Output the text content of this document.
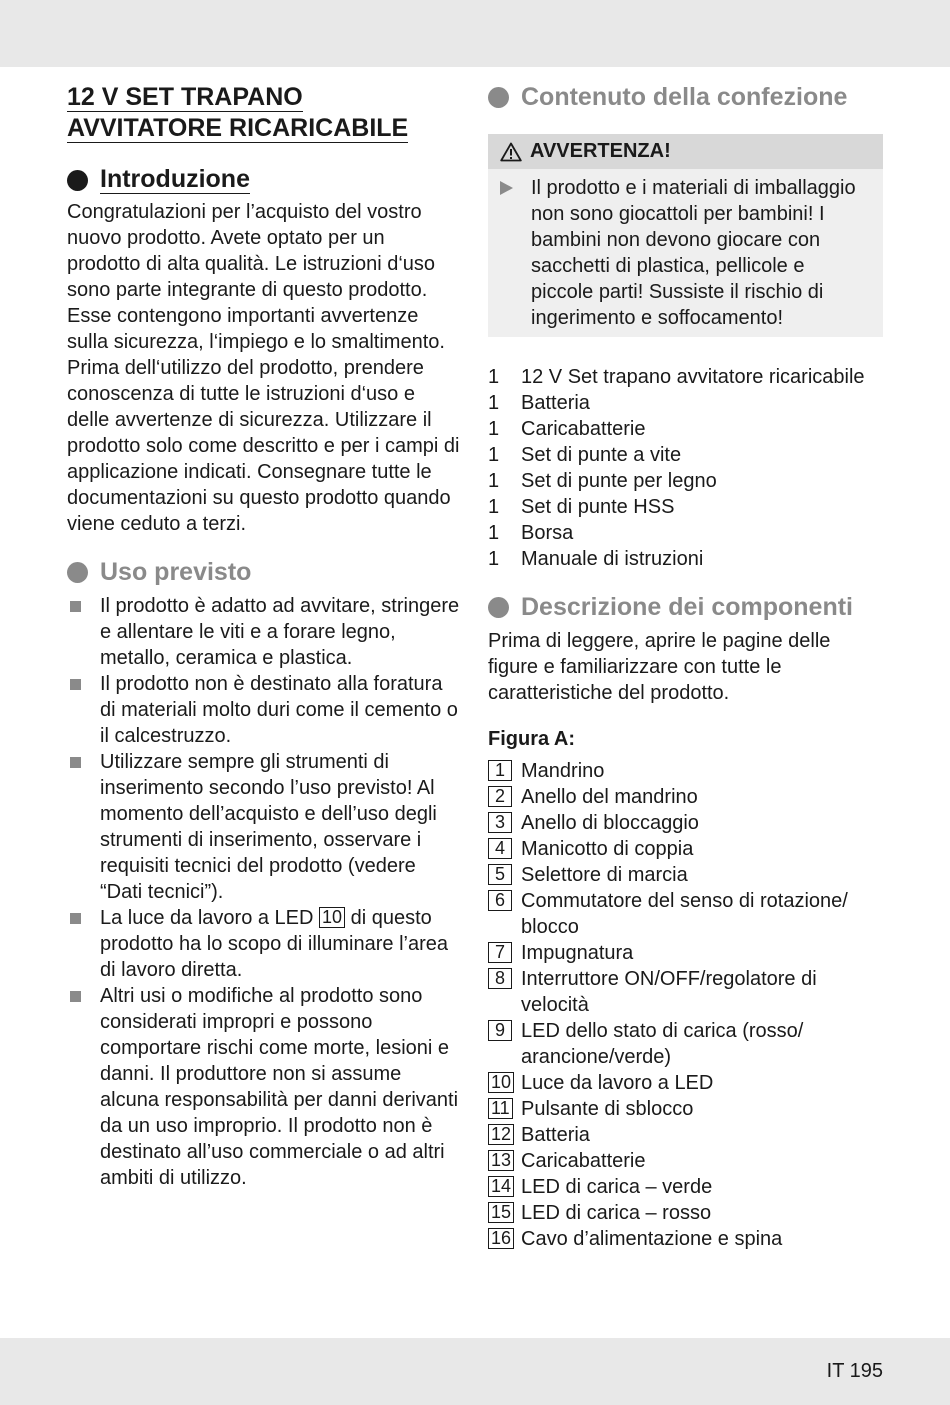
12 V SET TRAPANO
AVVITATORE RICARICABILE
Introduzione

Congratulazioni per l’acquisto del vostro nuovo prodotto. Avete optato per un prodotto di alta qualità. Le istruzioni d‘uso sono parte integrante di questo prodotto. Esse contengono importanti avvertenze sulla sicurezza, l‘impiego e lo smaltimento. Prima dell‘utilizzo del prodotto, prendere conoscenza di tutte le istruzioni d‘uso e delle avvertenze di sicurezza. Utilizzare il prodotto solo come descritto e per i campi di applicazione indicati. Consegnare tutte le documentazioni su questo prodotto quando viene ceduto a terzi.

Uso previsto
Il prodotto è adatto ad avvitare, stringere e allentare le viti e a forare legno, metallo, ceramica e plastica.
Il prodotto non è destinato alla foratura di materiali molto duri come il cemento o il calcestruzzo.
Utilizzare sempre gli strumenti di inserimento secondo l’uso previsto! Al momento dell’acquisto e dell’uso degli strumenti di inserimento, osservare i requisiti tecnici del prodotto (vedere “Dati tecnici”).
La luce da lavoro a LED 10 di questo prodotto ha lo scopo di illuminare l’area di lavoro diretta.
Altri usi o modifiche al prodotto sono considerati impropri e possono comportare rischi come morte, lesioni e danni. Il produttore non si assume alcuna responsabilità per danni derivanti da un uso improprio. Il prodotto non è destinato all’uso commerciale o ad altri ambiti di utilizzo.
Contenuto della confezione
AVVERTENZA!
Il prodotto e i materiali di imballaggio non sono giocattoli per bambini! I bambini non devono giocare con sacchetti di plastica, pellicole e piccole parti! Sussiste il rischio di ingerimento e soffocamento!
1	12 V Set trapano avvitatore ricaricabile
1	Batteria
1	Caricabatterie
1	Set di punte a vite
1	Set di punte per legno
1	Set di punte HSS
1	Borsa
1	Manuale di istruzioni
Descrizione dei componenti

Prima di leggere, aprire le pagine delle figure e familiarizzare con tutte le caratteristiche del prodotto.

Figura A:
1 Mandrino
2 Anello del mandrino
3 Anello di bloccaggio
4 Manicotto di coppia
5 Selettore di marcia
6 Commutatore del senso di rotazione/ blocco
7 Impugnatura
8 Interruttore ON/OFF/regolatore di velocità
9 LED dello stato di carica (rosso/ arancione/verde)
10 Luce da lavoro a LED
11 Pulsante di sblocco
12 Batteria
13 Caricabatterie
14 LED di carica – verde
15 LED di carica – rosso
16 Cavo d’alimentazione e spina
IT 195
